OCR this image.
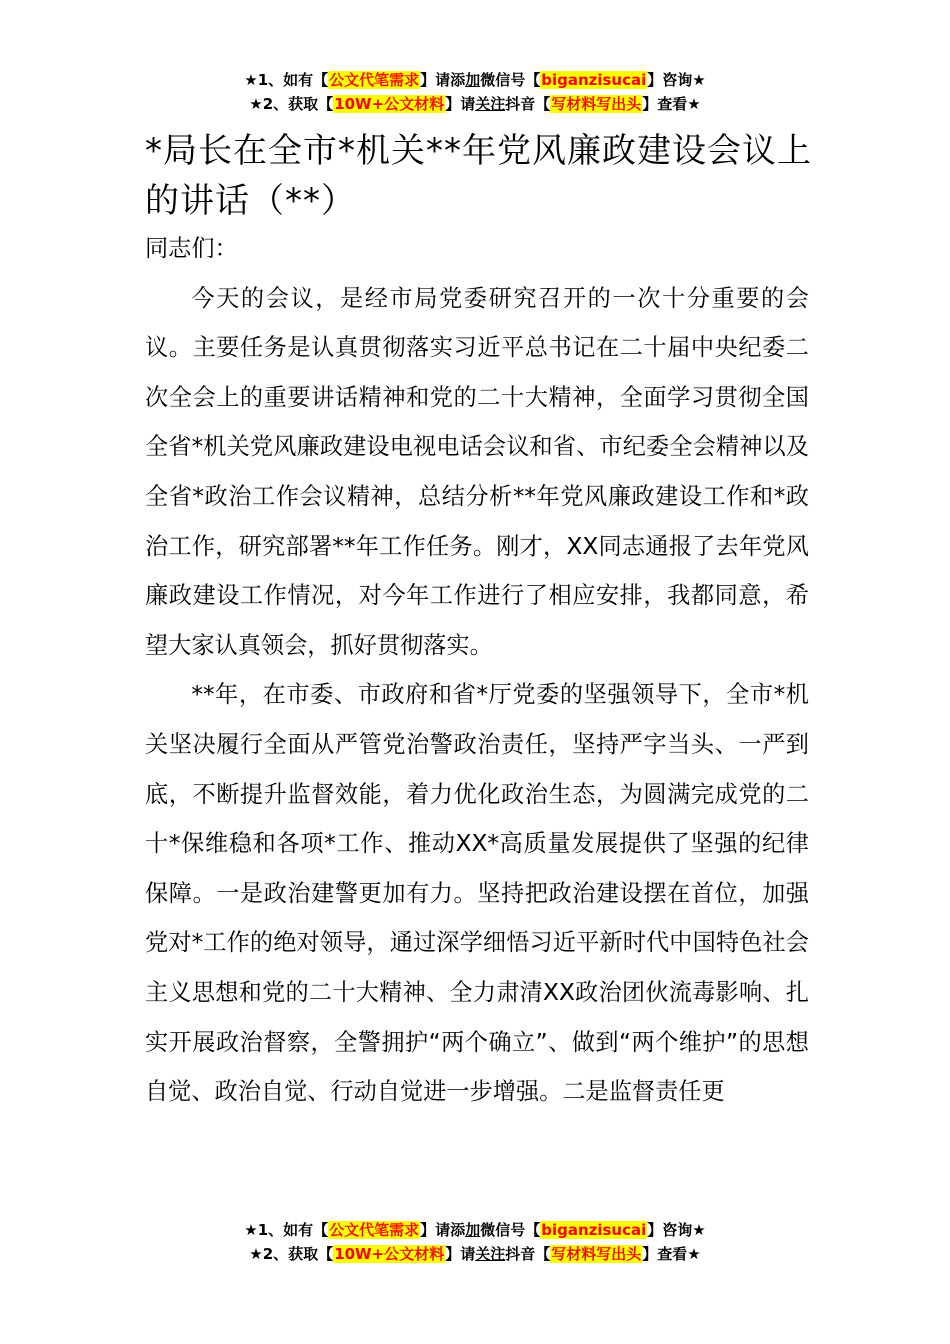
★1、如有【公文代笔需求】请添加微信号【biganzisucai】咨询★
★2、获取【10W+公文材料】请关注抖音【写材料写出头】查看★
*局长在全市*机关**年党风廉政建设会议上的讲话（**）

同志们：

今天的会议，是经市局党委研究召开的一次十分重要的会议。主要任务是认真贯彻落实习近平总书记在二十届中央纪委二次全会上的重要讲话精神和党的二十大精神，全面学习贯彻全国全省*机关党风廉政建设电视电话会议和省、市纪委全会精神以及全省*政治工作会议精神，总结分析**年党风廉政建设工作和*政治工作，研究部署**年工作任务。刚才，XX同志通报了去年党风廉政建设工作情况，对今年工作进行了相应安排，我都同意，希望大家认真领会，抓好贯彻落实。

**年，在市委、市政府和省*厅党委的坚强领导下，全市*机关坚决履行全面从严管党治警政治责任，坚持严字当头、一严到底，不断提升监督效能，着力优化政治生态，为圆满完成党的二十*保维稳和各项*工作、推动XX*高质量发展提供了坚强的纪律保障。一是政治建警更加有力。坚持把政治建设摆在首位，加强党对*工作的绝对领导，通过深学细悟习近平新时代中国特色社会主义思想和党的二十大精神、全力肃清XX政治团伙流毒影响、扎实开展政治督察，全警拥护“两个确立”、做到“两个维护”的思想自觉、政治自觉、行动自觉进一步增强。二是监督责任更

★1、如有【公文代笔需求】请添加微信号【biganzisucai】咨询★
★2、获取【10W+公文材料】请关注抖音【写材料写出头】查看★
